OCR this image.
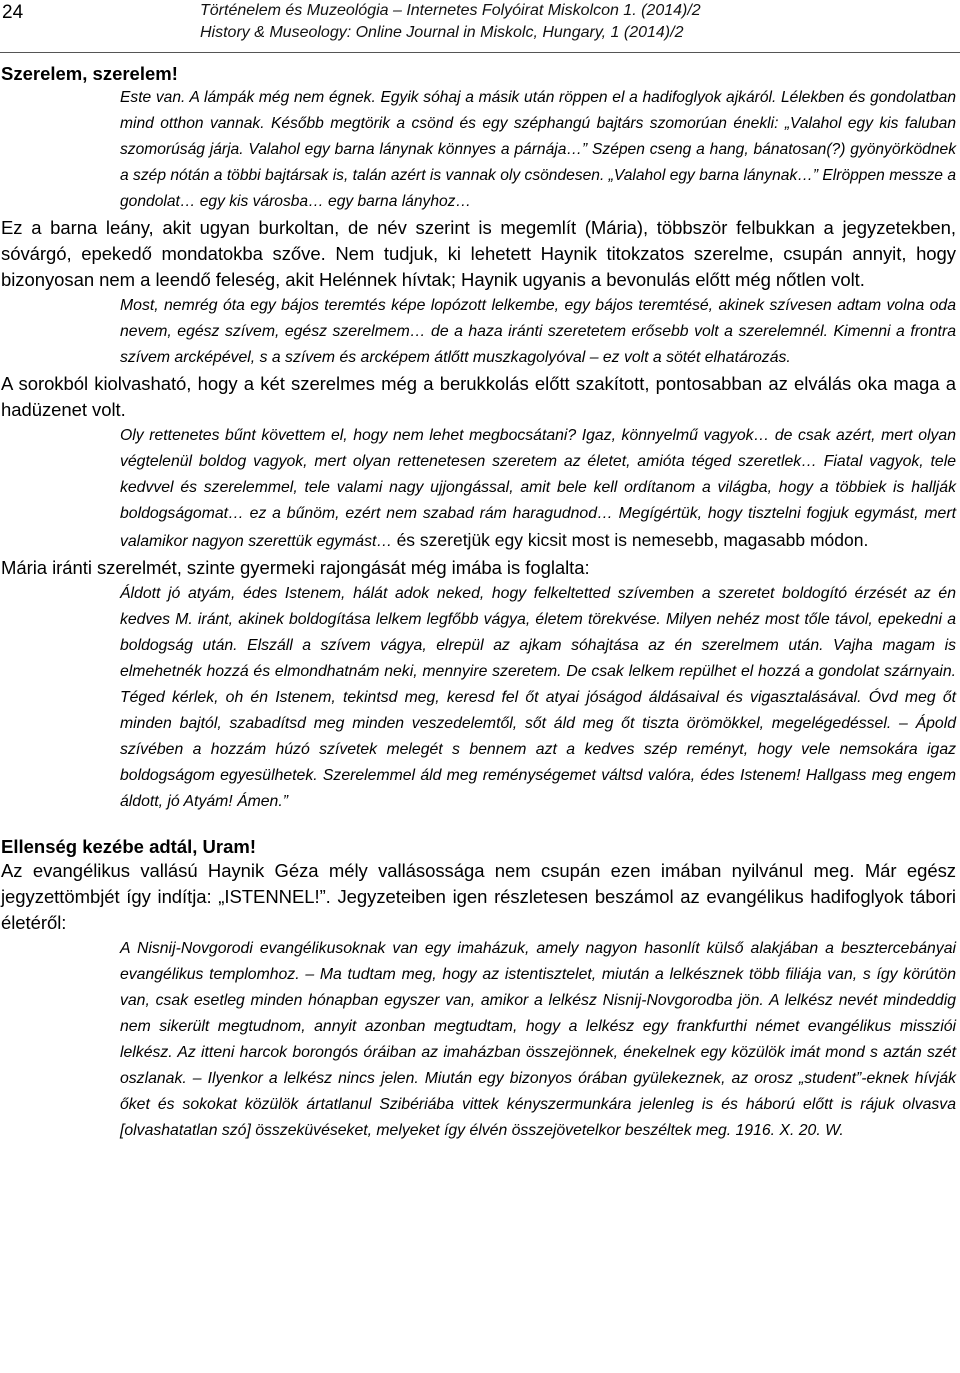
24	Történelem és Muzeológia – Internetes Folyóirat Miskolcon 1. (2014)/2
History & Museology: Online Journal in Miskolc, Hungary, 1 (2014)/2
Szerelem, szerelem!

Este van. A lámpák még nem égnek. Egyik sóhaj a másik után röppen el a hadifoglyok ajkáról. Lélekben és gondolatban mind otthon vannak. Később megtörik a csönd és egy széphangú bajtárs szomorúan énekli: „Valahol egy kis faluban szomorúság járja. Valahol egy barna lánynak könnyes a párnája…” Szépen cseng a hang, bánatosan(?) gyönyörködnek a szép nótán a többi bajtársak is, talán azért is vannak oly csöndesen. „Valahol egy barna lánynak…” Elröppen messze a gondolat… egy kis városba… egy barna lányhoz…

Ez a barna leány, akit ugyan burkoltan, de név szerint is megemlít (Mária), többször felbukkan a jegyzetekben, sóvárgó, epekedő mondatokba szőve. Nem tudjuk, ki lehetett Haynik titokzatos szerelme, csupán annyit, hogy bizonyosan nem a leendő feleség, akit Helénnek hívtak; Haynik ugyanis a bevonulás előtt még nőtlen volt.

Most, nemrég óta egy bájos teremtés képe lopózott lelkembe, egy bájos teremtésé, akinek szívesen adtam volna oda nevem, egész szívem, egész szerelmem… de a haza iránti szeretetem erősebb volt a szerelemnél. Kimenni a frontra szívem arcképével, s a szívem és arcképem átlőtt muszkagolyóval – ez volt a sötét elhatározás.

A sorokból kiolvasható, hogy a két szerelmes még a berukkolás előtt szakított, pontosabban az elválás oka maga a hadüzenet volt.

Oly rettenetes bűnt követtem el, hogy nem lehet megbocsátani? Igaz, könnyelmű vagyok… de csak azért, mert olyan végtelenül boldog vagyok, mert olyan rettenetesen szeretem az életet, amióta téged szeretlek… Fiatal vagyok, tele kedvvel és szerelemmel, tele valami nagy ujjongással, amit bele kell ordítanom a világba, hogy a többiek is hallják boldogságomat… ez a bűnöm, ezért nem szabad rám haragudnod… Megígértük, hogy tisztelni fogjuk egymást, mert valamikor nagyon szerettük egymást… és szeretjük egy kicsit most is nemesebb, magasabb módon.

Mária iránti szerelmét, szinte gyermeki rajongását még imába is foglalta:

Áldott jó atyám, édes Istenem, hálát adok neked, hogy felkeltetted szívemben a szeretet boldogító érzését az én kedves M. iránt, akinek boldogítása lelkem legfőbb vágya, életem törekvése. Milyen nehéz most tőle távol, epekedni a boldogság után. Elszáll a szívem vágya, elrepül az ajkam sóhajtása az én szerelmem után. Vajha magam is elmehetnék hozzá és elmondhatnám neki, mennyire szeretem. De csak lelkem repülhet el hozzá a gondolat szárnyain. Téged kérlek, oh én Istenem, tekintsd meg, keresd fel őt atyai jóságod áldásaival és vigasztalásával. Óvd meg őt minden bajtól, szabadítsd meg minden veszedelemtől, sőt áld meg őt tiszta örömökkel, megelégedéssel. – Ápold szívében a hozzám húzó szívetek melegét s bennem azt a kedves szép reményt, hogy vele nemsokára igaz boldogságom egyesülhetek. Szerelemmel áld meg reménységemet váltsd valóra, édes Istenem! Hallgass meg engem áldott, jó Atyám! Ámen.”

Ellenség kezébe adtál, Uram!

Az evangélikus vallású Haynik Géza mély vallásossága nem csupán ezen imában nyilvánul meg. Már egész jegyzettömbjét így indítja: „ISTENNEL!”. Jegyzeteiben igen részletesen beszámol az evangélikus hadifoglyok tábori életéről:

A Nisnij-Novgorodi evangélikusoknak van egy imaházuk, amely nagyon hasonlít külső alakjában a besztercebányai evangélikus templomhoz. – Ma tudtam meg, hogy az istentisztelet, miután a lelkésznek több filiája van, s így körútön van, csak esetleg minden hónapban egyszer van, amikor a lelkész Nisnij-Novgorodba jön. A lelkész nevét mindeddig nem sikerült megtudnom, annyit azonban megtudtam, hogy a lelkész egy frankfurthi német evangélikus missziói lelkész. Az itteni harcok borongós óráiban az imaházban összejönnek, énekelnek egy közülök imát mond s aztán szét oszlanak. – Ilyenkor a lelkész nincs jelen. Miután egy bizonyos órában gyülekeznek, az orosz „student”-eknek hívják őket és sokokat közülök ártatlanul Szibériába vittek kényszermunkára jelenleg is és háború előtt is rájuk olvasva [olvashatatlan szó] összeküvéseket, melyeket így élvén összejövetelkor beszéltek meg. 1916. X. 20. W.
